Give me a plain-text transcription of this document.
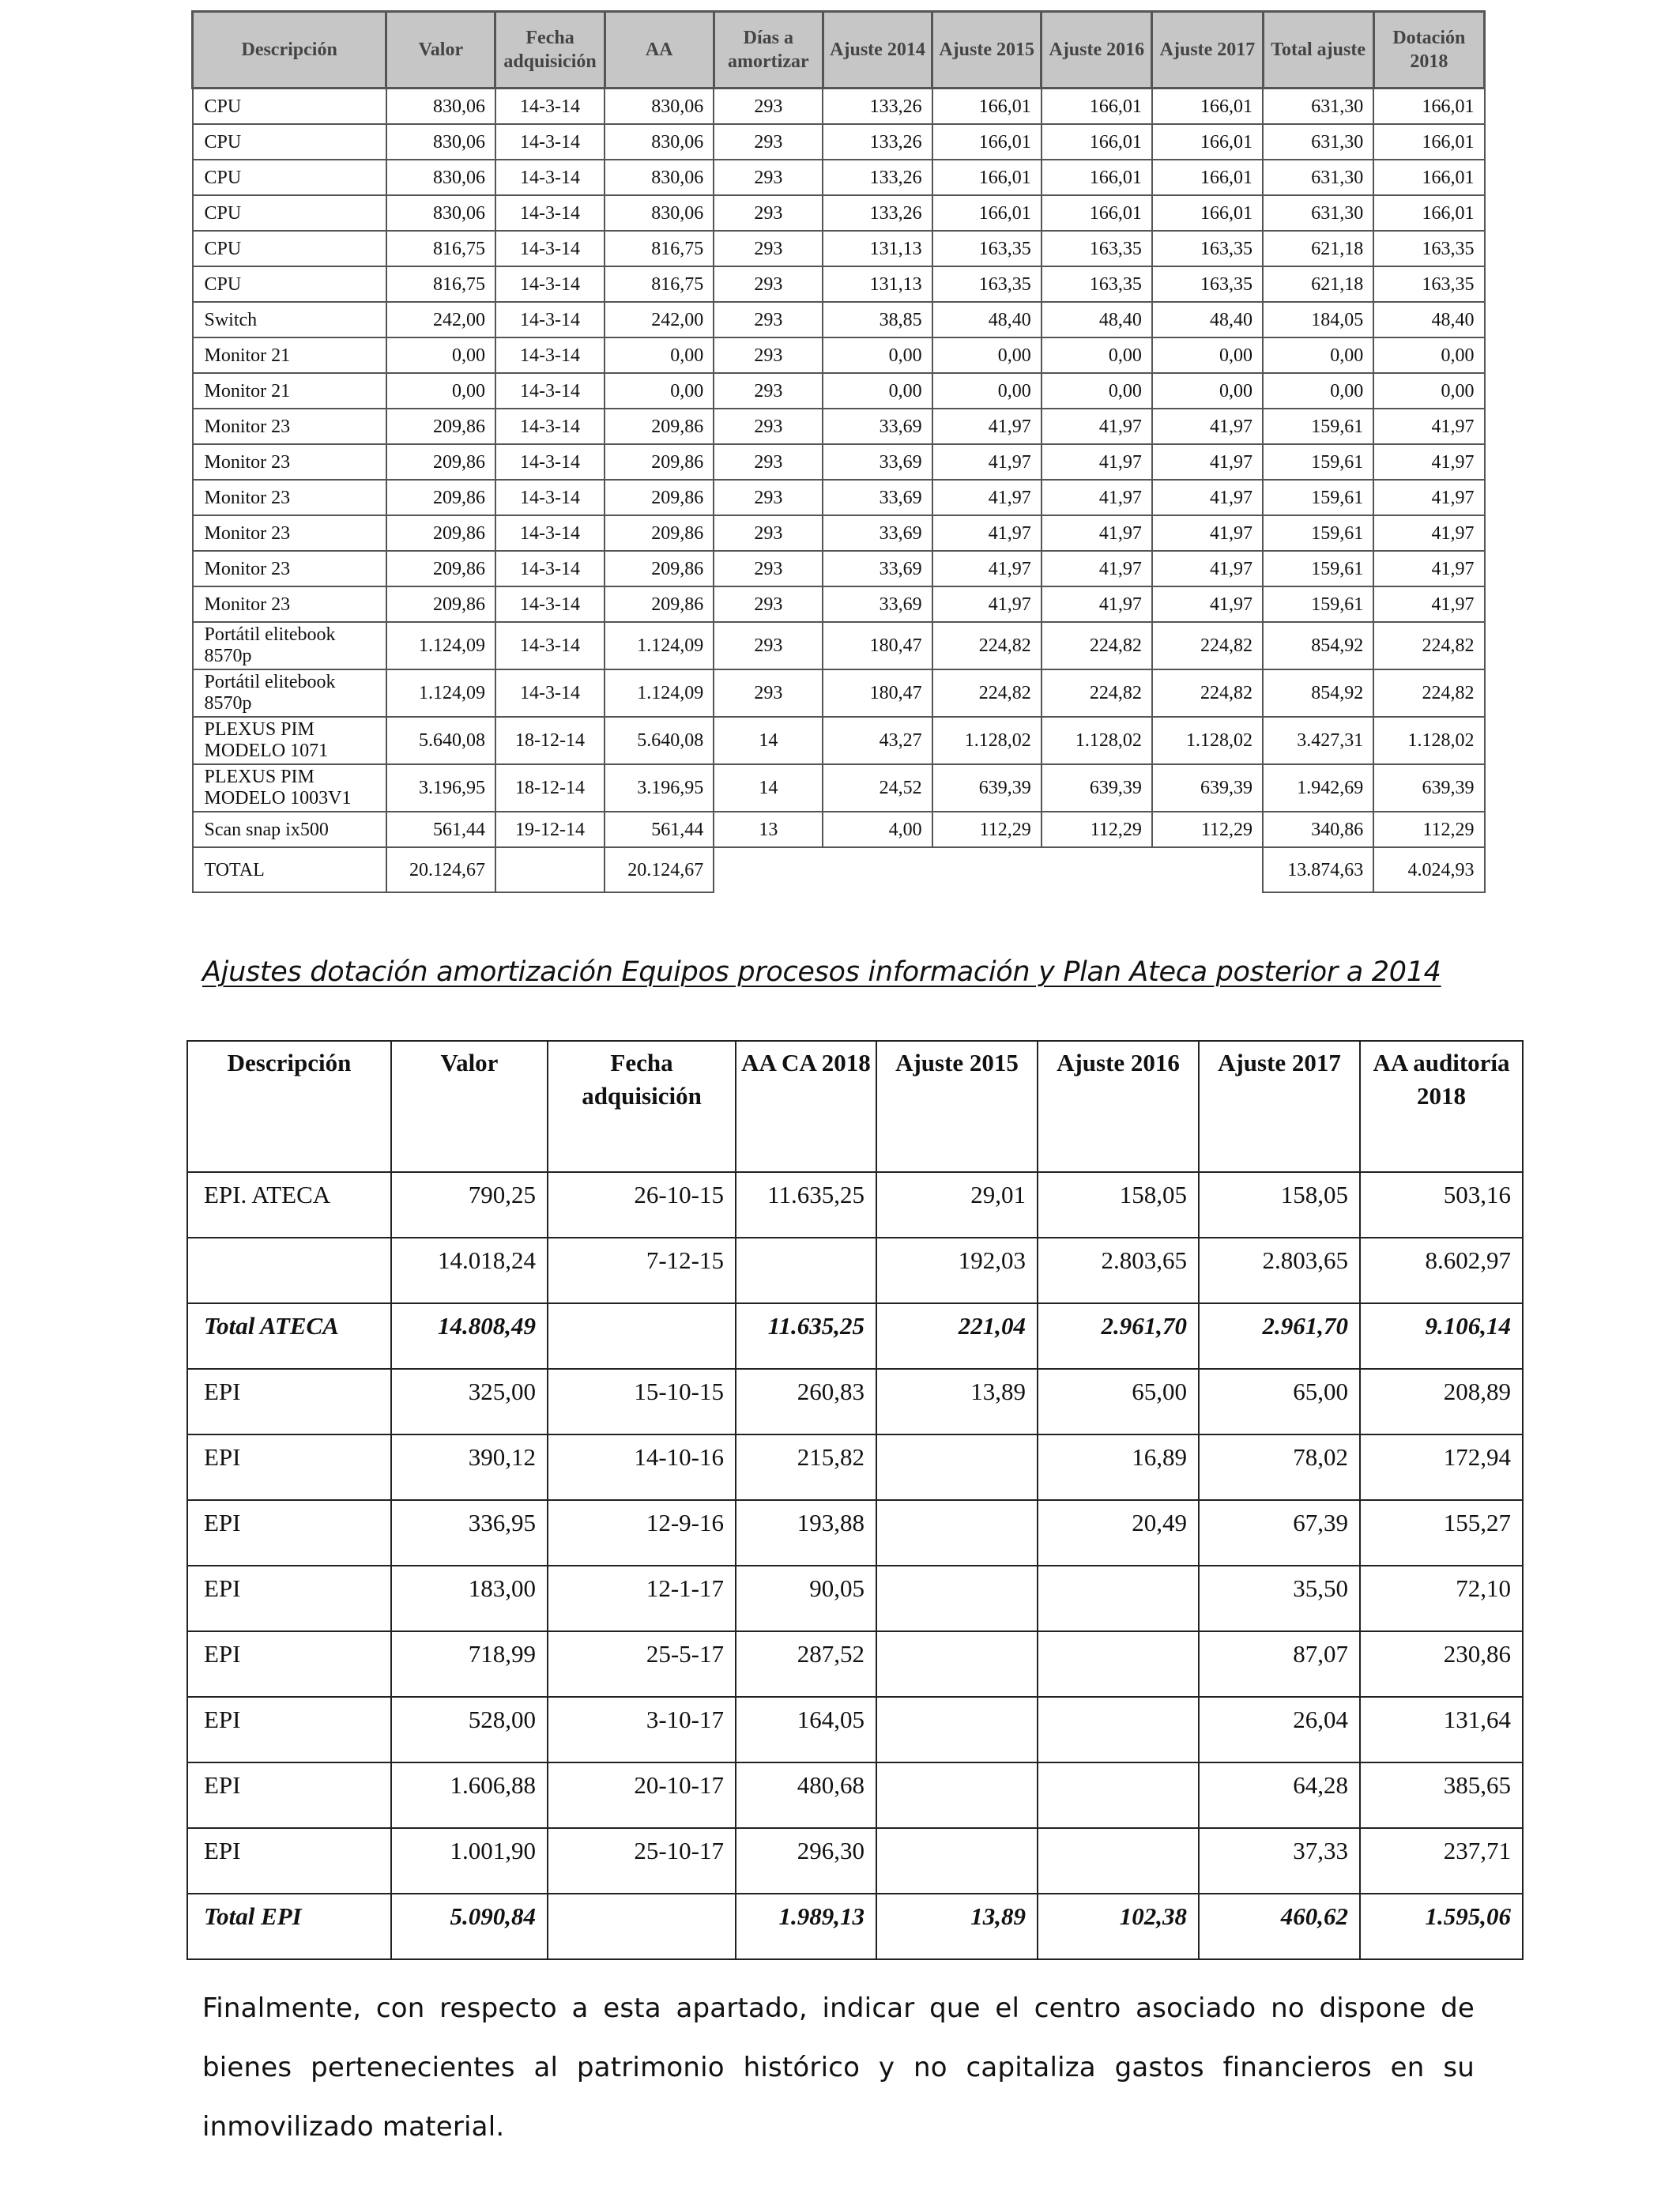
Descripción	Valor	Fecha adquisición	AA	Días a amortizar	Ajuste 2014	Ajuste 2015	Ajuste 2016	Ajuste 2017	Total ajuste	Dotación 2018
CPU	830,06	14-3-14	830,06	293	133,26	166,01	166,01	166,01	631,30	166,01
CPU	830,06	14-3-14	830,06	293	133,26	166,01	166,01	166,01	631,30	166,01
CPU	830,06	14-3-14	830,06	293	133,26	166,01	166,01	166,01	631,30	166,01
CPU	830,06	14-3-14	830,06	293	133,26	166,01	166,01	166,01	631,30	166,01
CPU	816,75	14-3-14	816,75	293	131,13	163,35	163,35	163,35	621,18	163,35
CPU	816,75	14-3-14	816,75	293	131,13	163,35	163,35	163,35	621,18	163,35
Switch	242,00	14-3-14	242,00	293	38,85	48,40	48,40	48,40	184,05	48,40
Monitor 21	0,00	14-3-14	0,00	293	0,00	0,00	0,00	0,00	0,00	0,00
Monitor 21	0,00	14-3-14	0,00	293	0,00	0,00	0,00	0,00	0,00	0,00
Monitor 23	209,86	14-3-14	209,86	293	33,69	41,97	41,97	41,97	159,61	41,97
Monitor 23	209,86	14-3-14	209,86	293	33,69	41,97	41,97	41,97	159,61	41,97
Monitor 23	209,86	14-3-14	209,86	293	33,69	41,97	41,97	41,97	159,61	41,97
Monitor 23	209,86	14-3-14	209,86	293	33,69	41,97	41,97	41,97	159,61	41,97
Monitor 23	209,86	14-3-14	209,86	293	33,69	41,97	41,97	41,97	159,61	41,97
Monitor 23	209,86	14-3-14	209,86	293	33,69	41,97	41,97	41,97	159,61	41,97
Portátil elitebook 8570p	1.124,09	14-3-14	1.124,09	293	180,47	224,82	224,82	224,82	854,92	224,82
Portátil elitebook 8570p	1.124,09	14-3-14	1.124,09	293	180,47	224,82	224,82	224,82	854,92	224,82
PLEXUS PIM MODELO 1071	5.640,08	18-12-14	5.640,08	14	43,27	1.128,02	1.128,02	1.128,02	3.427,31	1.128,02
PLEXUS PIM MODELO 1003V1	3.196,95	18-12-14	3.196,95	14	24,52	639,39	639,39	639,39	1.942,69	639,39
Scan snap ix500	561,44	19-12-14	561,44	13	4,00	112,29	112,29	112,29	340,86	112,29
TOTAL	20.124,67		20.124,67						13.874,63	4.024,93
Ajustes dotación amortización Equipos procesos información y Plan Ateca posterior a 2014
Descripción	Valor	Fecha adquisición	AA CA 2018	Ajuste 2015	Ajuste 2016	Ajuste 2017	AA auditoría 2018
EPI. ATECA	790,25	26-10-15	11.635,25	29,01	158,05	158,05	503,16
	14.018,24	7-12-15		192,03	2.803,65	2.803,65	8.602,97
Total ATECA	14.808,49		11.635,25	221,04	2.961,70	2.961,70	9.106,14
EPI	325,00	15-10-15	260,83	13,89	65,00	65,00	208,89
EPI	390,12	14-10-16	215,82		16,89	78,02	172,94
EPI	336,95	12-9-16	193,88		20,49	67,39	155,27
EPI	183,00	12-1-17	90,05			35,50	72,10
EPI	718,99	25-5-17	287,52			87,07	230,86
EPI	528,00	3-10-17	164,05			26,04	131,64
EPI	1.606,88	20-10-17	480,68			64,28	385,65
EPI	1.001,90	25-10-17	296,30			37,33	237,71
Total EPI	5.090,84		1.989,13	13,89	102,38	460,62	1.595,06

Finalmente, con respecto a esta apartado, indicar que el centro asociado no dispone de bienes pertenecientes al patrimonio histórico y no capitaliza gastos financieros en su inmovilizado material.
